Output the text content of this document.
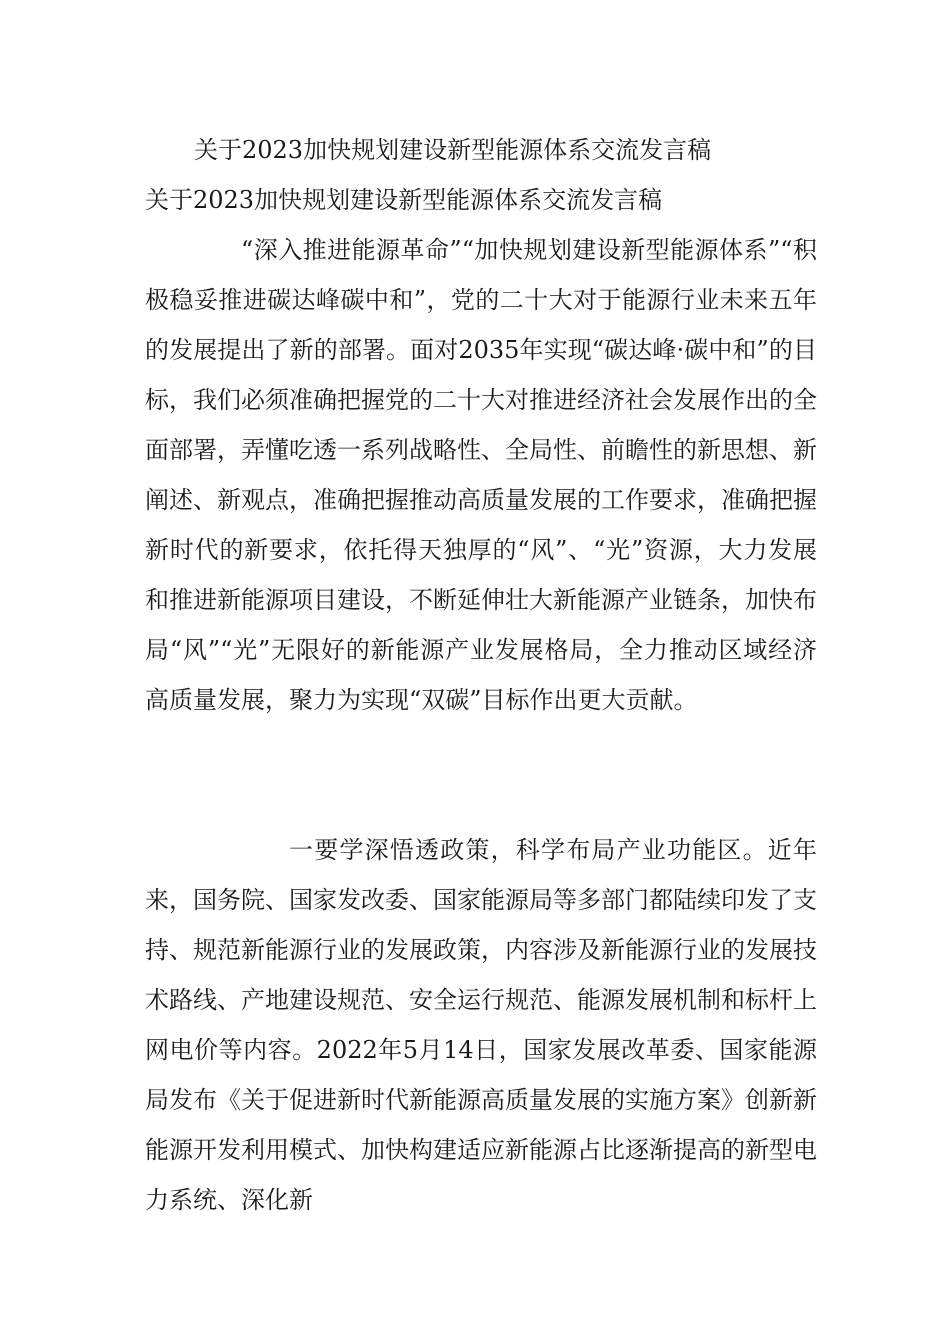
关于2023加快规划建设新型能源体系交流发言稿
关于2023加快规划建设新型能源体系交流发言稿

“深入推进能源革命”“加快规划建设新型能源体系”“积极稳妥推进碳达峰碳中和”，党的二十大对于能源行业未来五年的发展提出了新的部署。面对2035年实现“碳达峰·碳中和”的目标，我们必须准确把握党的二十大对推进经济社会发展作出的全面部署，弄懂吃透一系列战略性、全局性、前瞻性的新思想、新阐述、新观点，准确把握推动高质量发展的工作要求，准确把握新时代的新要求，依托得天独厚的“风”、“光”资源，大力发展和推进新能源项目建设，不断延伸壮大新能源产业链条，加快布局“风”“光”无限好的新能源产业发展格局，全力推动区域经济高质量发展，聚力为实现“双碳”目标作出更大贡献。

一要学深悟透政策，科学布局产业功能区。近年来，国务院、国家发改委、国家能源局等多部门都陆续印发了支持、规范新能源行业的发展政策，内容涉及新能源行业的发展技术路线、产地建设规范、安全运行规范、能源发展机制和标杆上网电价等内容。2022年5月14日，国家发展改革委、国家能源局发布《关于促进新时代新能源高质量发展的实施方案》创新新能源开发利用模式、加快构建适应新能源占比逐渐提高的新型电力系统、深化新
